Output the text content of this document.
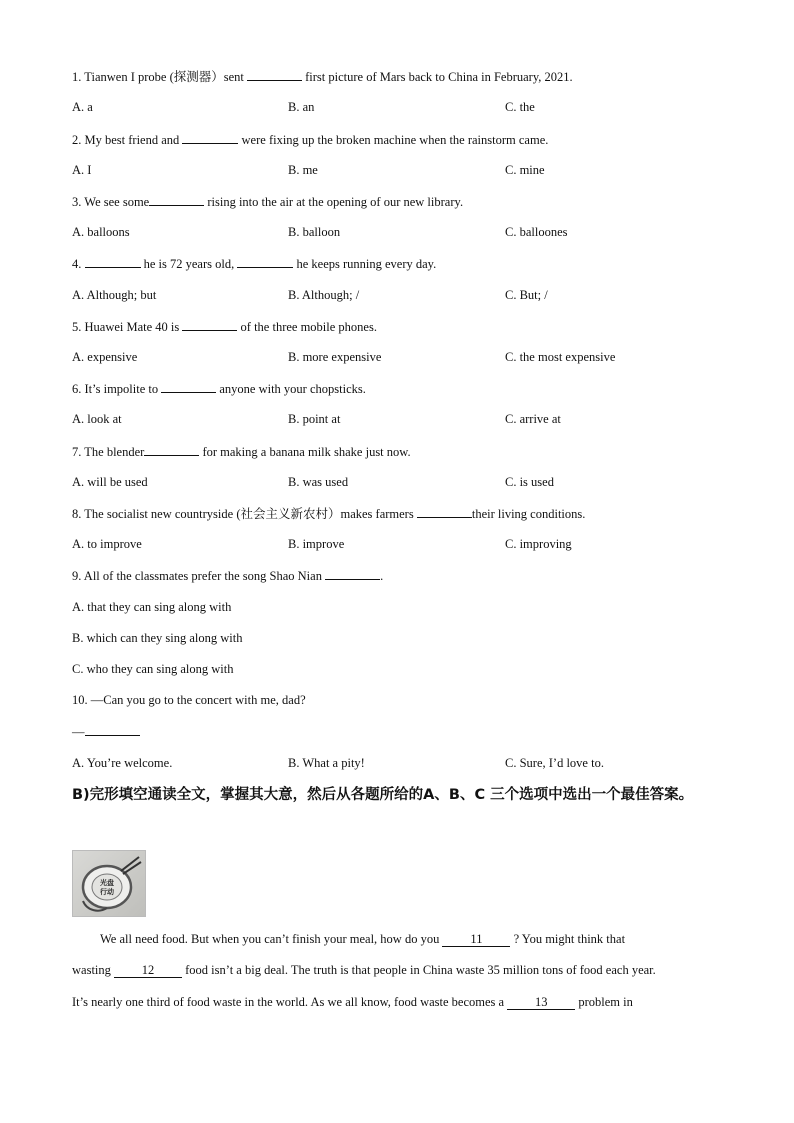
1. Tianwen I probe (探测器）sent	first picture of Mars back to China in February, 2021.
A. a	B. an	C. the
2. My best friend and	were fixing up the broken machine when the rainstorm came.
A. I	B. me	C. mine
3. We see some	rising into the air at the opening of our new library.
A. balloons	B. balloon	C. balloones
4.	he is 72 years old,	he keeps running every day.
A. Although; but	B. Although; /	C. But; /
5. Huawei Mate 40 is	of the three mobile phones.
A. expensive	B. more expensive	C. the most expensive
6. It’s impolite to	anyone with your chopsticks.
A. look at	B. point at	C. arrive at
7. The blender	for making a banana milk shake just now.
A. will be used	B. was used	C. is used
8. The socialist new countryside (社会主义新农村）makes farmers	their living conditions.
A. to improve	B. improve	C. improving
9. All of the classmates prefer the song Shao Nian	.
A. that they can sing along with
B. which can they sing along with
C. who they can sing along with
10. —Can you go to the concert with me, dad?
—
A. You’re welcome.	B. What a pity!	C. Sure, I’d love to.
B)完形填空通读全文，掌握其大意，然后从各题所给的A、B、C 三个选项中选出一个最佳答案。
光盘
行动
We all need food. But when you can’t finish your meal, how do you 11 ? You might think that
wasting 12 food isn’t a big deal. The truth is that people in China waste 35 million tons of food each year.
It’s nearly one third of food waste in the world. As we all know, food waste becomes a 13 problem in
